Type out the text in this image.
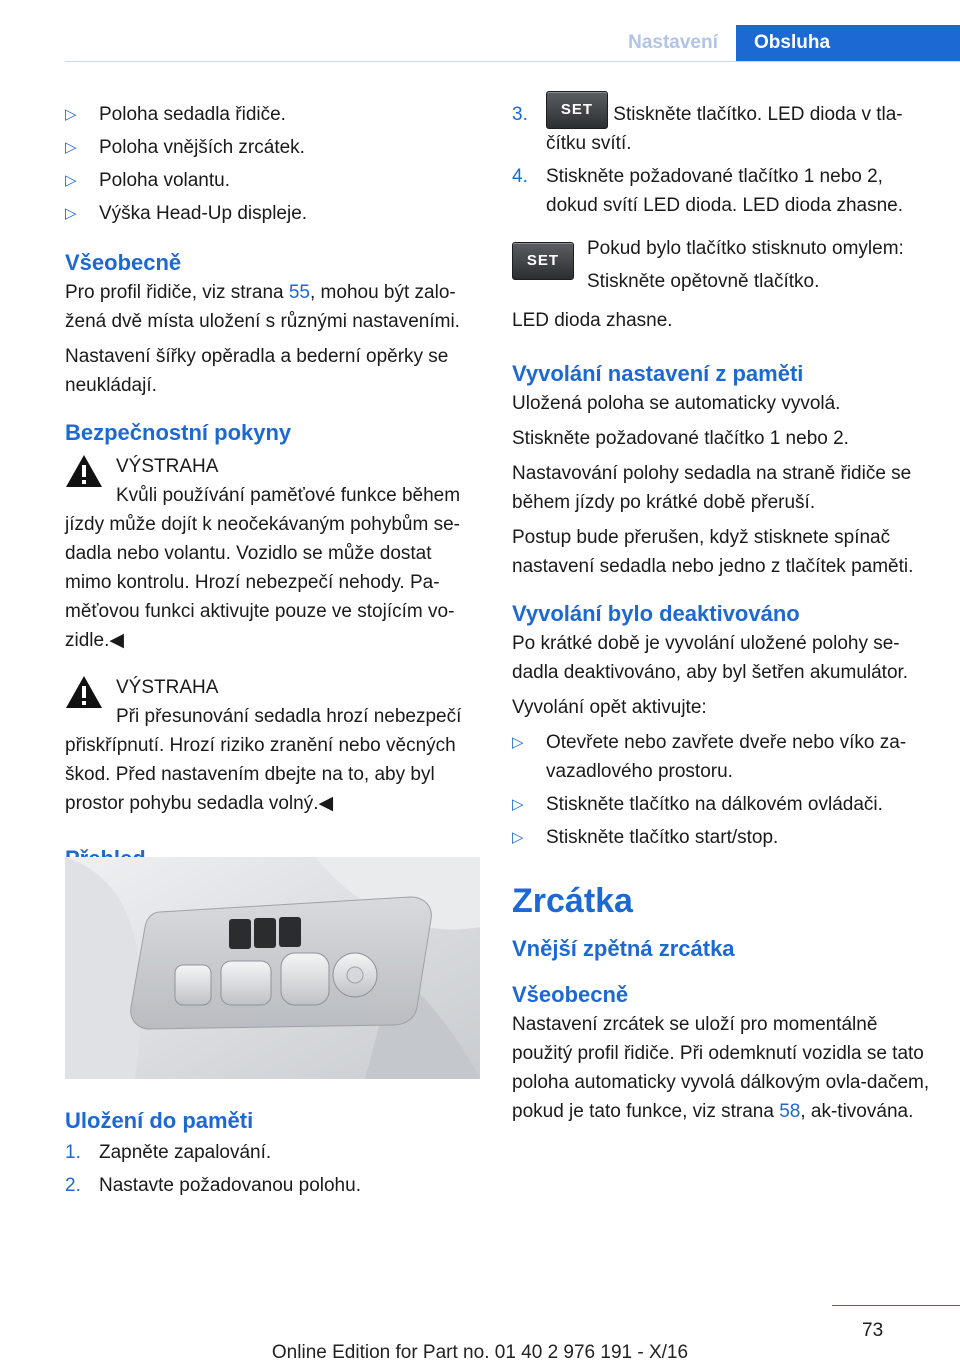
Nastavení	Obsluha
▷ Poloha sedadla řidiče.
▷ Poloha vnějších zrcátek.
▷ Poloha volantu.
▷ Výška Head-Up displeje.
Všeobecně

Pro profil řidiče, viz strana 55, mohou být zalo‐žená dvě místa uložení s různými nastaveními.

Nastavení šířky opěradla a bederní opěrky se neukládají.

Bezpečnostní pokyny
VÝSTRAHA

Kvůli používání paměťové funkce během jízdy může dojít k neočekávaným pohybům se‐dadla nebo volantu. Vozidlo se může dostat mimo kontrolu. Hrozí nebezpečí nehody. Pa‐měťovou funkci aktivujte pouze ve stojícím vo‐zidle.◀

VÝSTRAHA

Při přesunování sedadla hrozí nebezpečí přiskřípnutí. Hrozí riziko zranění nebo věcných škod. Před nastavením dbejte na to, aby byl prostor pohybu sedadla volný.◀

Uložení do paměti
1. Zapněte zapalování.
2. Nastavte požadovanou polohu.
3. SET Stiskněte tlačítko. LED dioda v tla‐čítku svítí.
4. Stiskněte požadované tlačítko 1 nebo 2, dokud svítí LED dioda. LED dioda zhasne.
SET
Pokud bylo tlačítko stisknuto omylem:
Stiskněte opětovně tlačítko.

LED dioda zhasne.

Vyvolání nastavení z paměti

Uložená poloha se automaticky vyvolá.

Stiskněte požadované tlačítko 1 nebo 2.

Nastavování polohy sedadla na straně řidiče se během jízdy po krátké době přeruší.

Postup bude přerušen, když stisknete spínač nastavení sedadla nebo jedno z tlačítek paměti.

Vyvolání bylo deaktivováno

Po krátké době je vyvolání uložené polohy se‐dadla deaktivováno, aby byl šetřen akumulátor.

Vyvolání opět aktivujte:

▷ Otevřete nebo zavřete dveře nebo víko za‐vazadlového prostoru.
▷ Stiskněte tlačítko na dálkovém ovládači.
▷ Stiskněte tlačítko start/stop.
Zrcátka
Vnější zpětná zrcátka
Všeobecně

Nastavení zrcátek se uloží pro momentálně použitý profil řidiče. Při odemknutí vozidla se tato poloha automaticky vyvolá dálkovým ovla‐dačem, pokud je tato funkce, viz strana 58, ak‐tivována.

73
Online Edition for Part no. 01 40 2 976 191 - X/16
